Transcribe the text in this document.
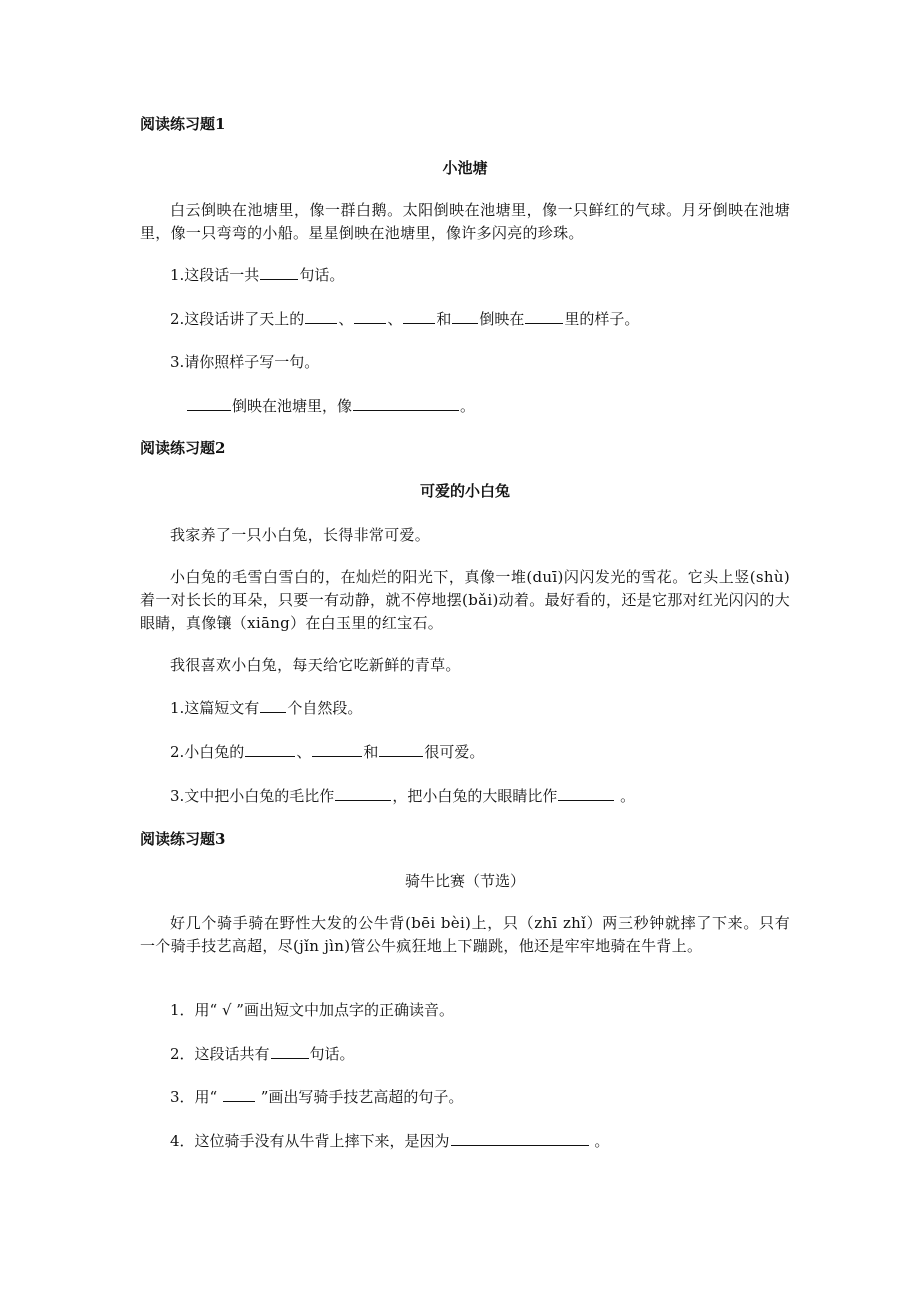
阅读练习题1
小池塘
白云倒映在池塘里，像一群白鹅。太阳倒映在池塘里，像一只鲜红的气球。月牙倒映在池塘里，像一只弯弯的小船。星星倒映在池塘里，像许多闪亮的珍珠。
1.这段话一共	句话。
2.这段话讲了天上的 、 、 和 倒映在	里的样子。
3.请你照样子写一句。
倒映在池塘里，像	。
阅读练习题2
可爱的小白兔
我家养了一只小白兔，长得非常可爱。
小白兔的毛雪白雪白的，在灿烂的阳光下，真像一堆(duī)闪闪发光的雪花。它头上竖(shù)着一对长长的耳朵，只要一有动静，就不停地摆(bǎi)动着。最好看的，还是它那对红光闪闪的大眼睛，真像镶（xiāng）在白玉里的红宝石。
我很喜欢小白兔，每天给它吃新鲜的青草。
1.这篇短文有 个自然段。
2.小白兔的	、	和	很可爱。
3.文中把小白兔的毛比作	，把小白兔的大眼睛比作	。
阅读练习题3
骑牛比赛（节选）
好几个骑手骑在野性大发的公牛背(bēi bèi)上，只（zhī zhǐ）两三秒钟就摔了下来。只有一个骑手技艺高超，尽(jǐn jìn)管公牛疯狂地上下蹦跳，他还是牢牢地骑在牛背上。
1．用“ √ ”画出短文中加点字的正确读音。
2．这段话共有	句话。
3．用“  ”画出写骑手技艺高超的句子。
4．这位骑手没有从牛背上摔下来，是因为	。
